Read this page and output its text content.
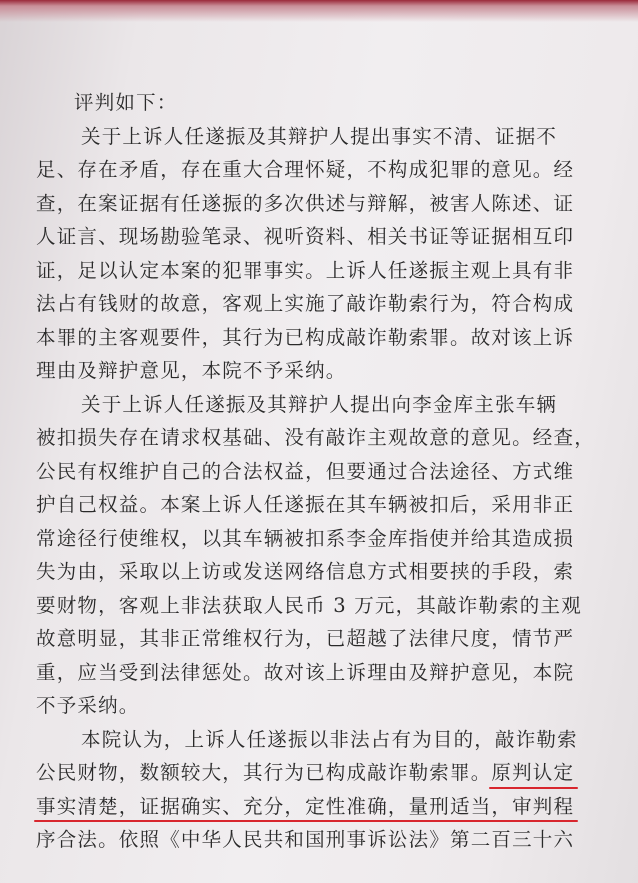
评判如下：
关于上诉人任遂振及其辩护人提出事实不清、证据不
足、存在矛盾，存在重大合理怀疑，不构成犯罪的意见。经
查，在案证据有任遂振的多次供述与辩解，被害人陈述、证
人证言、现场勘验笔录、视听资料、相关书证等证据相互印
证，足以认定本案的犯罪事实。上诉人任遂振主观上具有非
法占有钱财的故意，客观上实施了敲诈勒索行为，符合构成
本罪的主客观要件，其行为已构成敲诈勒索罪。故对该上诉
理由及辩护意见，本院不予采纳。
关于上诉人任遂振及其辩护人提出向李金库主张车辆
被扣损失存在请求权基础、没有敲诈主观故意的意见。经查，
公民有权维护自己的合法权益，但要通过合法途径、方式维
护自己权益。本案上诉人任遂振在其车辆被扣后，采用非正
常途径行使维权，以其车辆被扣系李金库指使并给其造成损
失为由，采取以上访或发送网络信息方式相要挟的手段，索
要财物，客观上非法获取人民币 3 万元，其敲诈勒索的主观
故意明显，其非正常维权行为，已超越了法律尺度，情节严
重，应当受到法律惩处。故对该上诉理由及辩护意见，本院
不予采纳。
本院认为，上诉人任遂振以非法占有为目的，敲诈勒索
公民财物，数额较大，其行为已构成敲诈勒索罪。原判认定
事实清楚，证据确实、充分，定性准确，量刑适当，审判程
序合法。依照《中华人民共和国刑事诉讼法》第二百三十六
